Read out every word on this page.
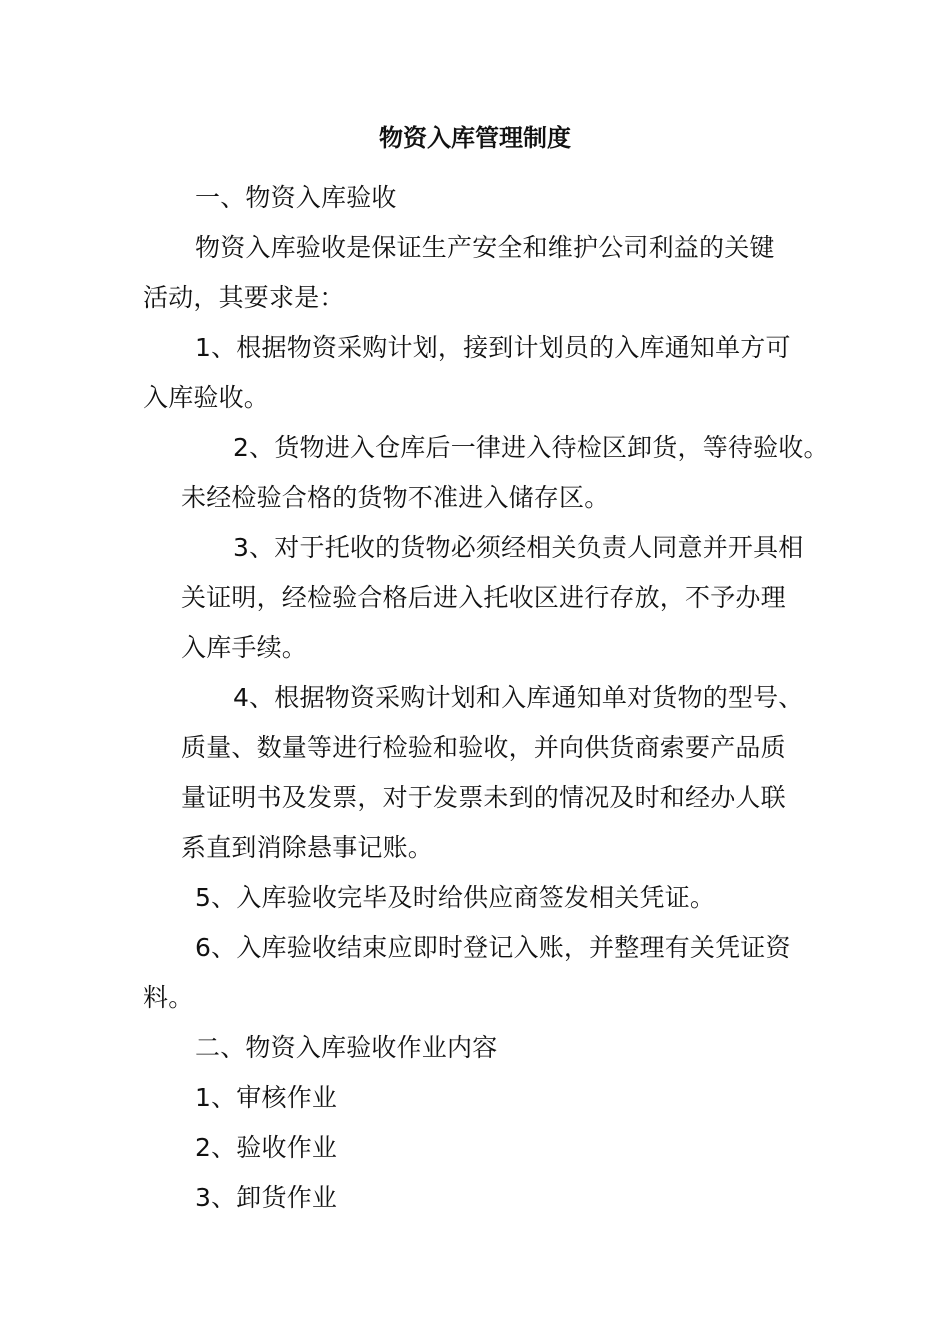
物资入库管理制度
一、物资入库验收
物资入库验收是保证生产安全和维护公司利益的关键
活动，其要求是：
1、根据物资采购计划，接到计划员的入库通知单方可
入库验收。
2、货物进入仓库后一律进入待检区卸货，等待验收。
未经检验合格的货物不准进入储存区。
3、对于托收的货物必须经相关负责人同意并开具相
关证明，经检验合格后进入托收区进行存放，不予办理
入库手续。
4、根据物资采购计划和入库通知单对货物的型号、
质量、数量等进行检验和验收，并向供货商索要产品质
量证明书及发票，对于发票未到的情况及时和经办人联
系直到消除悬事记账。
5、入库验收完毕及时给供应商签发相关凭证。
6、入库验收结束应即时登记入账，并整理有关凭证资
料。
二、物资入库验收作业内容
1、审核作业
2、验收作业
3、卸货作业
